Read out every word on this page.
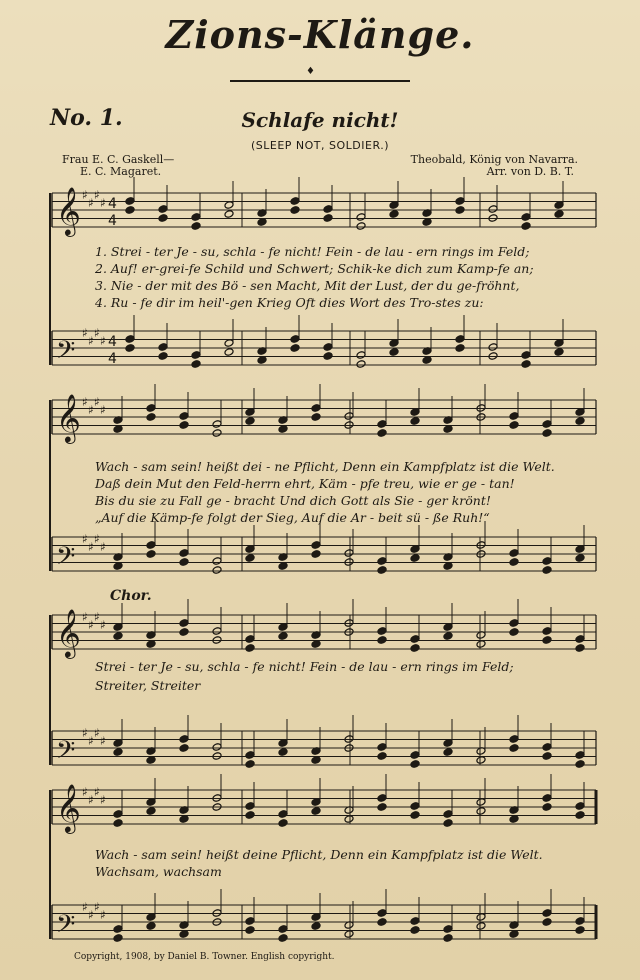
Zions-Klänge.
♦
No. 1.	Schlafe nicht!
(SLEEP NOT, SOLDIER.)
Frau E. C. Gaskell—
E. C. Magaret.
Theobald, König von Navarra.
Arr. von D. B. T.
𝄞 ♯
♯
♯
♯ 4
4
𝄢
♯
♯
♯
♯ 4
4
𝄞 ♯
♯
♯
♯
𝄢
♯
♯
♯
♯
𝄞 ♯
♯
♯
♯
𝄢
♯
♯
♯
♯
𝄞 ♯
♯
♯
♯
𝄢
♯
♯
♯
♯
1. Strei - ter Je - su, schla - fe nicht! Fein - de lau - ern rings im Feld;
2. Auf! er-grei-fe Schild und Schwert; Schik-ke dich zum Kamp-fe an;
3. Nie - der mit des Bö - sen Macht, Mit der Lust, der du ge-fröhnt,
4. Ru - fe dir im heil'-gen Krieg Oft dies Wort des Tro-stes zu:
Wach - sam sein! heißt dei - ne Pflicht, Denn ein Kampfplatz ist die Welt.
Daß dein Mut den Feld-herrn ehrt, Käm - pfe treu, wie er ge - tan!
Bis du sie zu Fall ge - bracht Und dich Gott als Sie - ger krönt!
„Auf die Kämp-fe folgt der Sieg, Auf die Ar - beit sü - ße Ruh!“
Chor.
Strei - ter Je - su, schla - fe nicht! Fein - de lau - ern rings im Feld;
Streiter, Streiter
Wach - sam sein! heißt deine Pflicht, Denn ein Kampfplatz ist die Welt.
Wachsam, wachsam
Copyright, 1908, by Daniel B. Towner. English copyright.
